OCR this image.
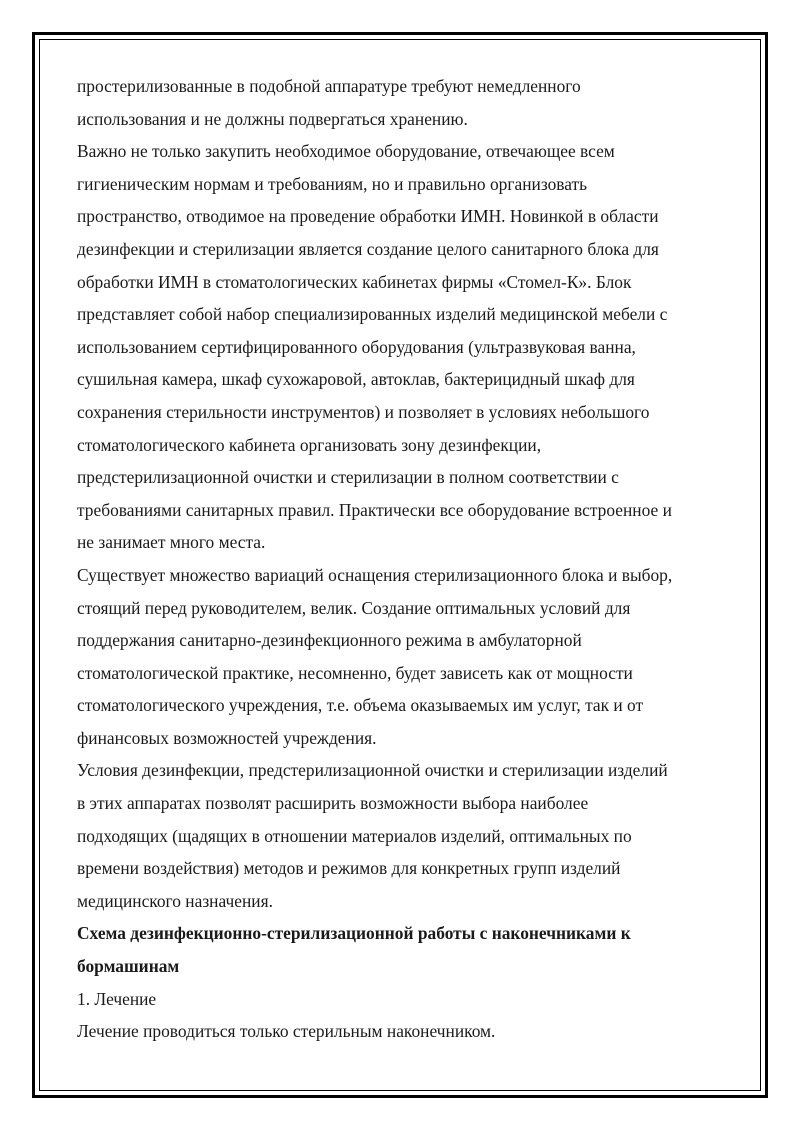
простерилизованные в подобной аппаратуре требуют немедленного
использования и не должны подвергаться хранению.

Важно не только закупить необходимое оборудование, отвечающее всем
гигиеническим нормам и требованиям, но и правильно организовать
пространство, отводимое на проведение обработки ИМН. Новинкой в области
дезинфекции и стерилизации является создание целого санитарного блока для
обработки ИМН в стоматологических кабинетах фирмы «Стомел-К». Блок
представляет собой набор специализированных изделий медицинской мебели с
использованием сертифицированного оборудования (ультразвуковая ванна,
сушильная камера, шкаф сухожаровой, автоклав, бактерицидный шкаф для
сохранения стерильности инструментов) и позволяет в условиях небольшого
стоматологического кабинета организовать зону дезинфекции,
предстерилизационной очистки и стерилизации в полном соответствии с
требованиями санитарных правил. Практически все оборудование встроенное и
не занимает много места.

Существует множество вариаций оснащения стерилизационного блока и выбор,
стоящий перед руководителем, велик. Создание оптимальных условий для
поддержания санитарно-дезинфекционного режима в амбулаторной
стоматологической практике, несомненно, будет зависеть как от мощности
стоматологического учреждения, т.е. объема оказываемых им услуг, так и от
финансовых возможностей учреждения.

Условия дезинфекции, предстерилизационной очистки и стерилизации изделий
в этих аппаратах позволят расширить возможности выбора наиболее
подходящих (щадящих в отношении материалов изделий, оптимальных по
времени воздействия) методов и режимов для конкретных групп изделий
медицинского назначения.

Схема дезинфекционно-стерилизационной работы с наконечниками к
бормашинам

1. Лечение

Лечение проводиться только стерильным наконечником.
